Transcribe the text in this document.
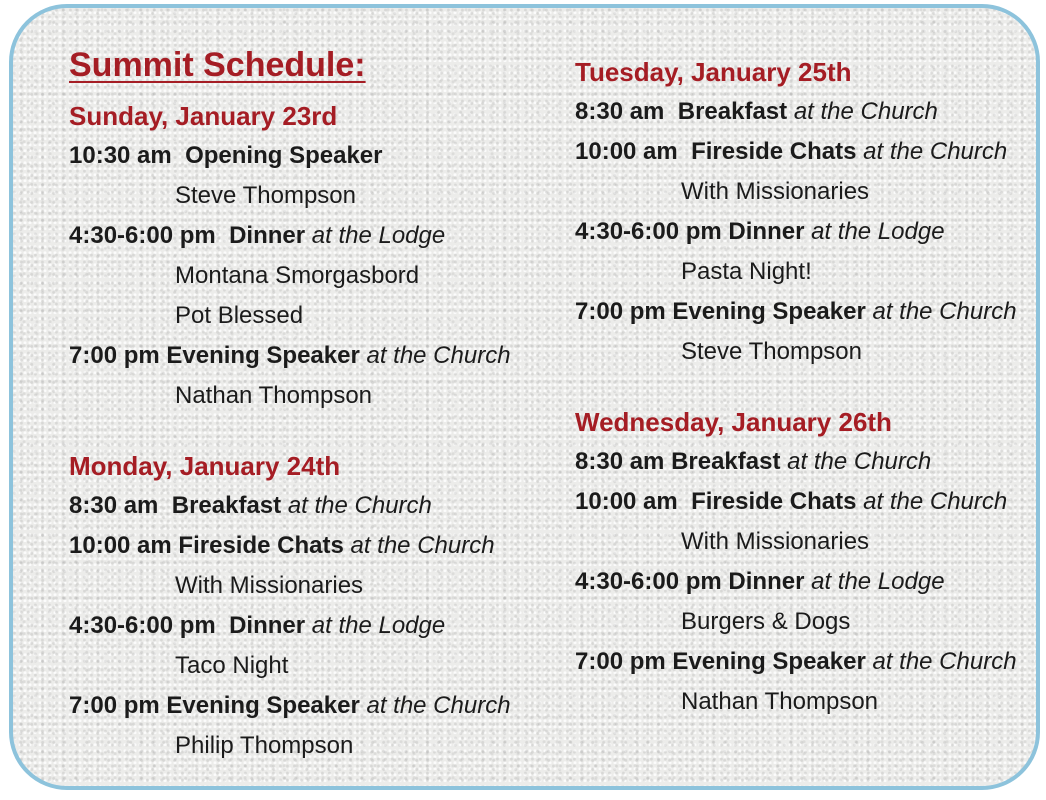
Summit Schedule:
Sunday, January 23rd
10:30 am Opening Speaker
Steve Thompson
4:30-6:00 pm Dinner at the Lodge
Montana Smorgasbord
Pot Blessed
7:00 pm Evening Speaker at the Church
Nathan Thompson
Monday, January 24th
8:30 am Breakfast at the Church
10:00 am Fireside Chats at the Church
With Missionaries
4:30-6:00 pm Dinner at the Lodge
Taco Night
7:00 pm Evening Speaker at the Church
Philip Thompson
Tuesday, January 25th
8:30 am Breakfast at the Church
10:00 am Fireside Chats at the Church
With Missionaries
4:30-6:00 pm Dinner at the Lodge
Pasta Night!
7:00 pm Evening Speaker at the Church
Steve Thompson
Wednesday, January 26th
8:30 am Breakfast at the Church
10:00 am Fireside Chats at the Church
With Missionaries
4:30-6:00 pm Dinner at the Lodge
Burgers & Dogs
7:00 pm Evening Speaker at the Church
Nathan Thompson
